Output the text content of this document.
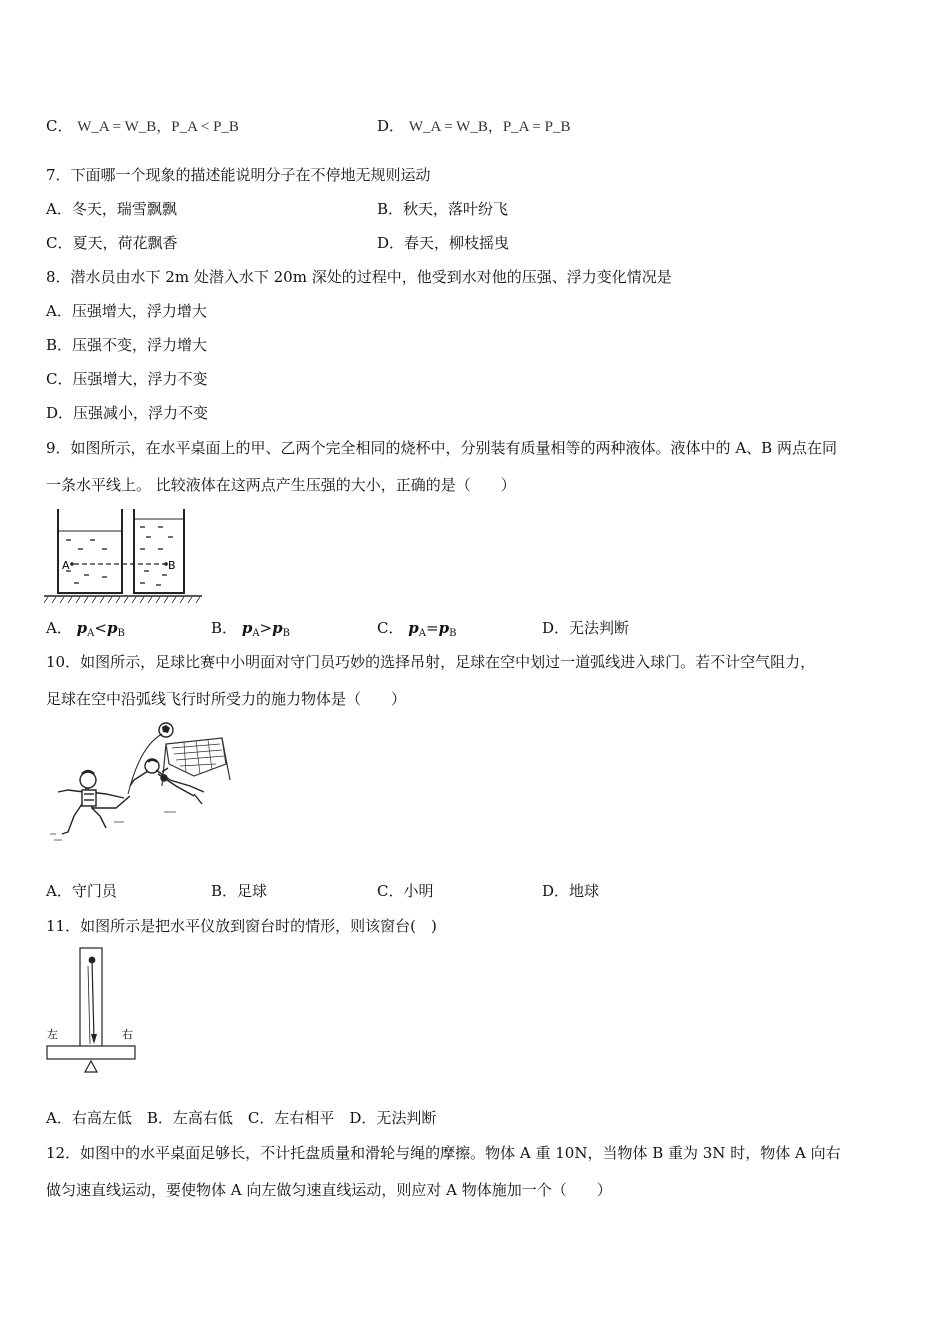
C． W_A = W_B，P_A < P_B	D． W_A = W_B，P_A = P_B
7．下面哪一个现象的描述能说明分子在不停地无规则运动
A．冬天，瑞雪飘飘	B．秋天，落叶纷飞
C．夏天，荷花飘香	D．春天，柳枝摇曳
8．潜水员由水下 2m 处潜入水下 20m 深处的过程中，他受到水对他的压强、浮力变化情况是
A．压强增大，浮力增大
B．压强不变，浮力增大
C．压强增大，浮力不变
D．压强减小，浮力不变
9．如图所示，在水平桌面上的甲、乙两个完全相同的烧杯中，分别装有质量相等的两种液体。液体中的 A、B 两点在同
一条水平线上。 比较液体在这两点产生压强的大小，正确的是（　　）
A	B
A． $p_A<p_B$	B． $p_A>p_B$	C． $p_A=p_B$	D．无法判断
10．如图所示，足球比赛中小明面对守门员巧妙的选择吊射，足球在空中划过一道弧线进入球门。若不计空气阻力，
足球在空中沿弧线飞行时所受力的施力物体是（　　）
A．守门员	B．足球	C．小明	D．地球
11．如图所示是把水平仪放到窗台时的情形，则该窗台(　)
左	右
A．右高左低　B．左高右低　C．左右相平　D．无法判断
12．如图中的水平桌面足够长，不计托盘质量和滑轮与绳的摩擦。物体 A 重 10N，当物体 B 重为 3N 时，物体 A 向右
做匀速直线运动，要使物体 A 向左做匀速直线运动，则应对 A 物体施加一个（　　）
